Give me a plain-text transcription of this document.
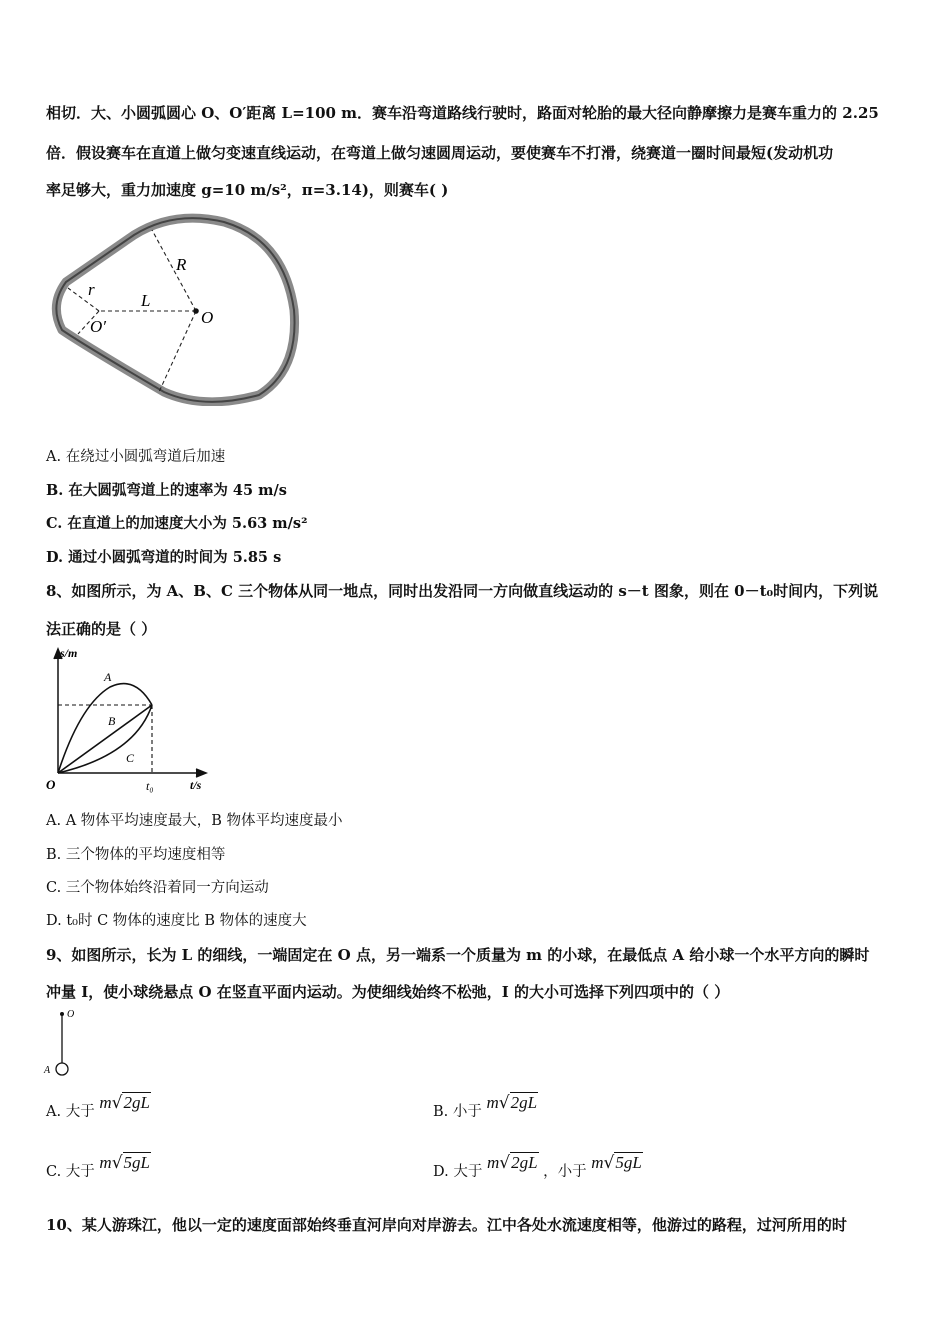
相切．大、小圆弧圆心 O、O′距离 L=100 m．赛车沿弯道路线行驶时，路面对轮胎的最大径向静摩擦力是赛车重力的 2.25
倍．假设赛车在直道上做匀变速直线运动，在弯道上做匀速圆周运动，要使赛车不打滑，绕赛道一圈时间最短(发动机功
率足够大，重力加速度 g=10 m/s²，π=3.14)，则赛车( )
R
r
L
O
O′
A. 在绕过小圆弧弯道后加速
B. 在大圆弧弯道上的速率为 45 m/s
C. 在直道上的加速度大小为 5.63 m/s²
D. 通过小圆弧弯道的时间为 5.85 s
8、如图所示，为 A、B、C 三个物体从同一地点，同时出发沿同一方向做直线运动的 s－t 图象，则在 0－t₀时间内，下列说
法正确的是（ ）
s/m
t/s
O	t₀
A
B
C
A. A 物体平均速度最大，B 物体平均速度最小
B. 三个物体的平均速度相等
C. 三个物体始终沿着同一方向运动
D. t₀时 C 物体的速度比 B 物体的速度大
9、如图所示，长为 L 的细线，一端固定在 O 点，另一端系一个质量为 m 的小球，在最低点 A 给小球一个水平方向的瞬时
冲量 I，使小球绕悬点 O 在竖直平面内运动。为使细线始终不松弛，I 的大小可选择下列四项中的（ ）
O
A
A. 大于 m√2gL	B. 小于 m√2gL
C. 大于 m√5gL	D. 大于 m√2gL ，小于 m√5gL
10、某人游珠江，他以一定的速度面部始终垂直河岸向对岸游去。江中各处水流速度相等，他游过的路程，过河所用的时
